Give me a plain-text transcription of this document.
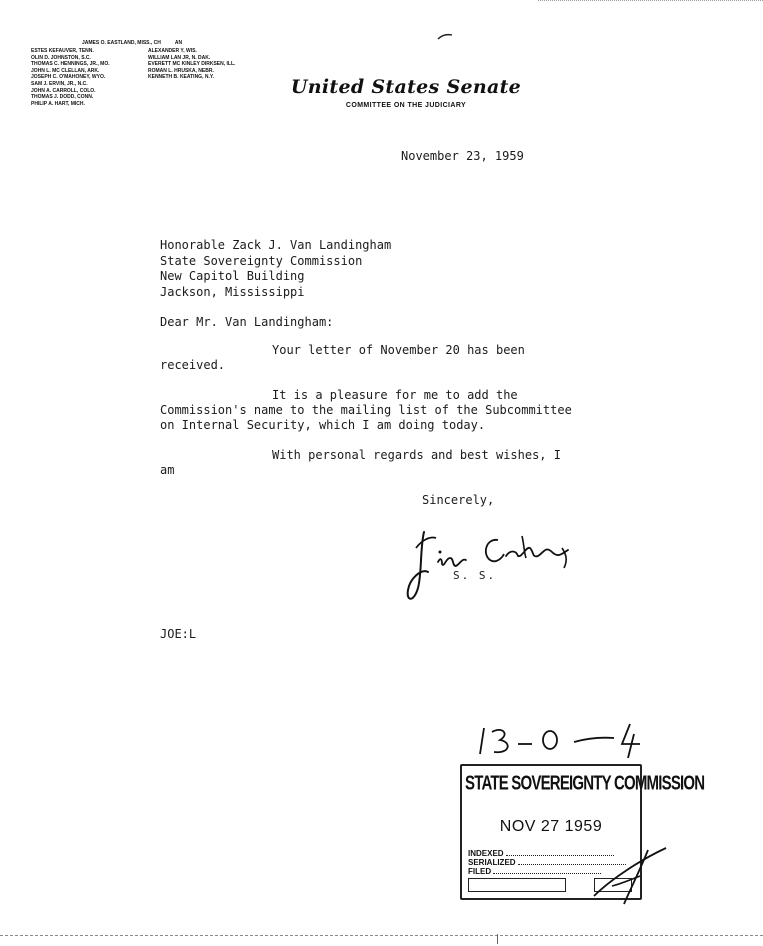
JAMES O. EASTLAND, MISS., CH	AN
ESTES KEFAUVER, TENN.
OLIN D. JOHNSTON, S.C.
THOMAS C. HENNINGS, JR., MO.
JOHN L. MC CLELLAN, ARK.
JOSEPH C. O'MAHONEY, WYO.
SAM J. ERVIN, JR., N.C.
JOHN A. CARROLL, COLO.
THOMAS J. DODD, CONN.
PHILIP A. HART, MICH.
ALEXANDER Y, WIS.
WILLIAM LAN JR, N. DAK.
EVERETT MC KINLEY DIRKSEN, ILL.
ROMAN L. HRUSKA, NEBR.
KENNETH B. KEATING, N.Y.	United States Senate
COMMITTEE ON THE JUDICIARY
November 23, 1959
Honorable Zack J. Van Landingham
State Sovereignty Commission
New Capitol Building
Jackson, Mississippi
Dear Mr. Van Landingham:
Your letter of November 20 has been
received.
It is a pleasure for me to add the
Commission's name to the mailing list of the Subcommittee
on Internal Security, which I am doing today.
With personal regards and best wishes, I
am
Sincerely,
S. S.
JOE:L
STATE SOVEREIGNTY COMMISSION
NOV 27 1959
INDEXED
SERIALIZED
FILED
